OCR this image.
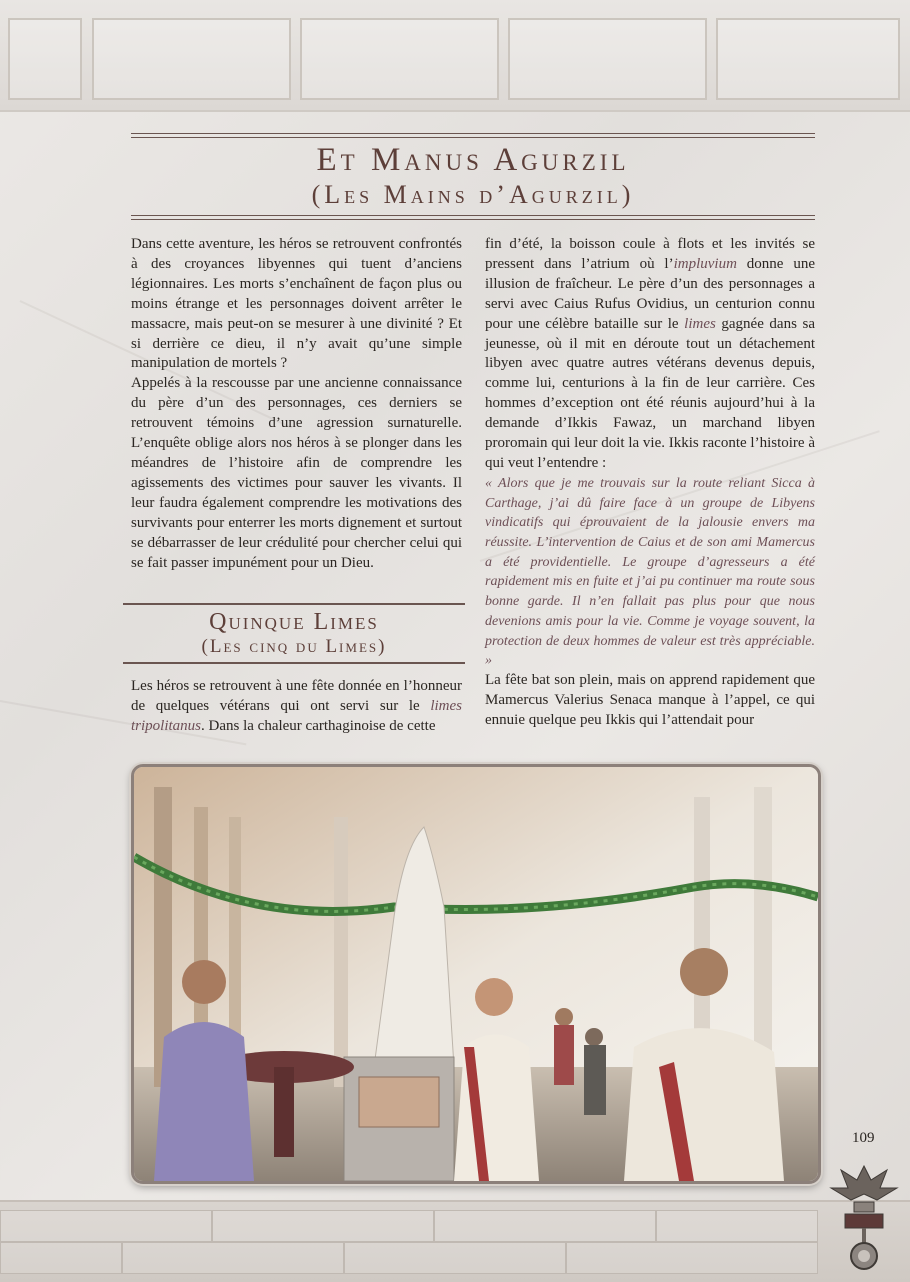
Et Manus Agurzil
(Les Mains d’Agurzil)

Dans cette aventure, les héros se retrouvent confrontés à des croyances libyennes qui tuent d’anciens légionnaires. Les morts s’enchaînent de façon plus ou moins étrange et les personnages doivent arrêter le massacre, mais peut-on se mesurer à une divinité ? Et si derrière ce dieu, il n’y avait qu’une simple manipulation de mortels ?

Appelés à la rescousse par une ancienne connaissance du père d’un des personnages, ces derniers se retrouvent témoins d’une agression surnaturelle. L’enquête oblige alors nos héros à se plonger dans les méandres de l’histoire afin de comprendre les agissements des victimes pour sauver les vivants. Il leur faudra également comprendre les motivations des survivants pour enterrer les morts dignement et surtout se débarrasser de leur crédulité pour chercher celui qui se fait passer impunément pour un Dieu.

Quinque Limes
(Les cinq du Limes)

Les héros se retrouvent à une fête donnée en l’honneur de quelques vétérans qui ont servi sur le limes tripolitanus. Dans la chaleur carthaginoise de cette

fin d’été, la boisson coule à flots et les invités se pressent dans l’atrium où l’impluvium donne une illusion de fraîcheur. Le père d’un des personnages a servi avec Caius Rufus Ovidius, un centurion connu pour une célèbre bataille sur le limes gagnée dans sa jeunesse, où il mit en déroute tout un détachement libyen avec quatre autres vétérans devenus depuis, comme lui, centurions à la fin de leur carrière. Ces hommes d’exception ont été réunis aujourd’hui à la demande d’Ikkis Fawaz, un marchand libyen proromain qui leur doit la vie. Ikkis raconte l’histoire à qui veut l’entendre :

« Alors que je me trouvais sur la route reliant Sicca à Carthage, j’ai dû faire face à un groupe de Libyens vindicatifs qui éprouvaient de la jalousie envers ma réussite. L’intervention de Caius et de son ami Mamercus a été providentielle. Le groupe d’agresseurs a été rapidement mis en fuite et j’ai pu continuer ma route sous bonne garde. Il n’en fallait pas plus pour que nous devenions amis pour la vie. Comme je voyage souvent, la protection de deux hommes de valeur est très appréciable. »

La fête bat son plein, mais on apprend rapidement que Mamercus Valerius Senaca manque à l’appel, ce qui ennuie quelque peu Ikkis qui l’attendait pour

109
